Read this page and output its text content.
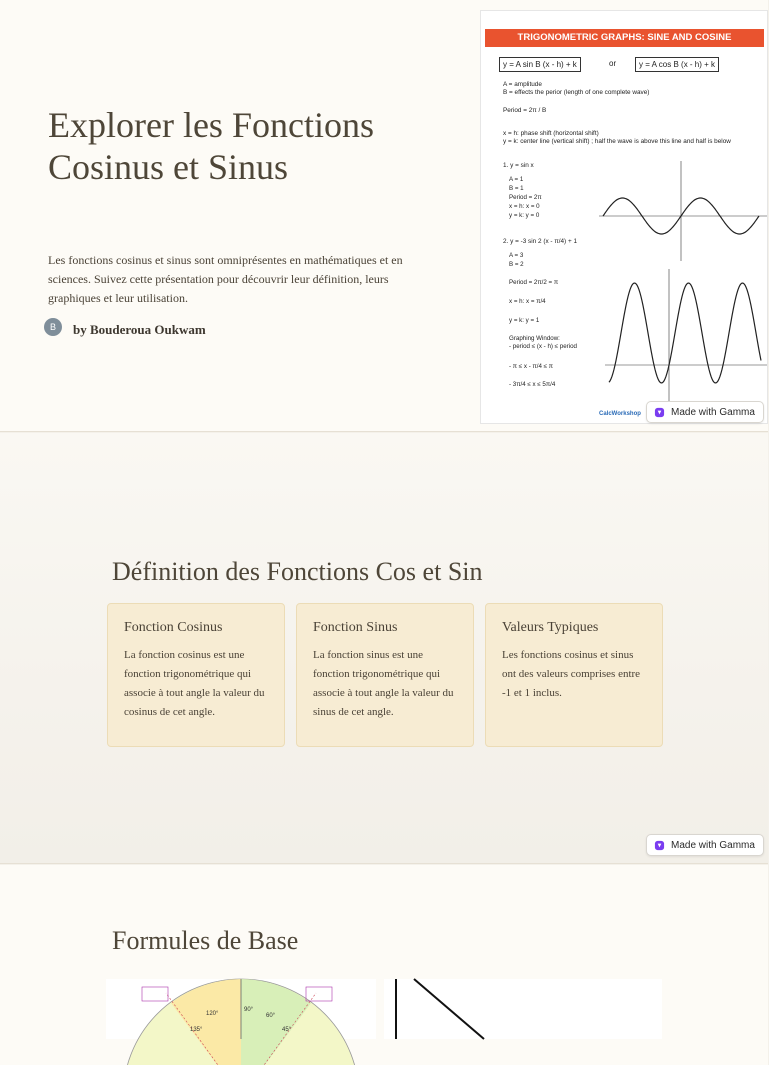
Explorer les Fonctions Cosinus et Sinus

Les fonctions cosinus et sinus sont omniprésentes en mathématiques et en sciences. Suivez cette présentation pour découvrir leur définition, leurs graphiques et leur utilisation.

B	by Bouderoua Oukwam
TRIGONOMETRIC GRAPHS: SINE AND COSINE
y = A sin B (x - h) + k	or	y = A cos B (x - h) + k
A = amplitude
B = effects the perior (length of one complete wave)
Period = 2π / B
x = h: phase shift (horizontal shift)
y = k: center line (vertical shift) ; half the wave is above this line and half is below
1. y = sin x
A = 1
B = 1
Period = 2π
x = h: x = 0
y = k: y = 0
2. y = -3 sin 2 (x - π/4) + 1
A = 3
B = 2
Period = 2π/2 = π
x = h: x = π/4
y = k: y = 1
Graphing Window:
- period ≤ (x - h) ≤ period
- π ≤ x - π/4 ≤ π
- 3π/4 ≤ x ≤ 5π/4
CalcWorkshop	Made with Gamma
Définition des Fonctions Cos et Sin
Fonction Cosinus
La fonction cosinus est une fonction trigonométrique qui associe à tout angle la valeur du cosinus de cet angle.
Fonction Sinus
La fonction sinus est une fonction trigonométrique qui associe à tout angle la valeur du sinus de cet angle.
Valeurs Typiques
Les fonctions cosinus et sinus ont des valeurs comprises entre -1 et 1 inclus.
Made with Gamma
Formules de Base
90°
120°	60°
135°	45°
